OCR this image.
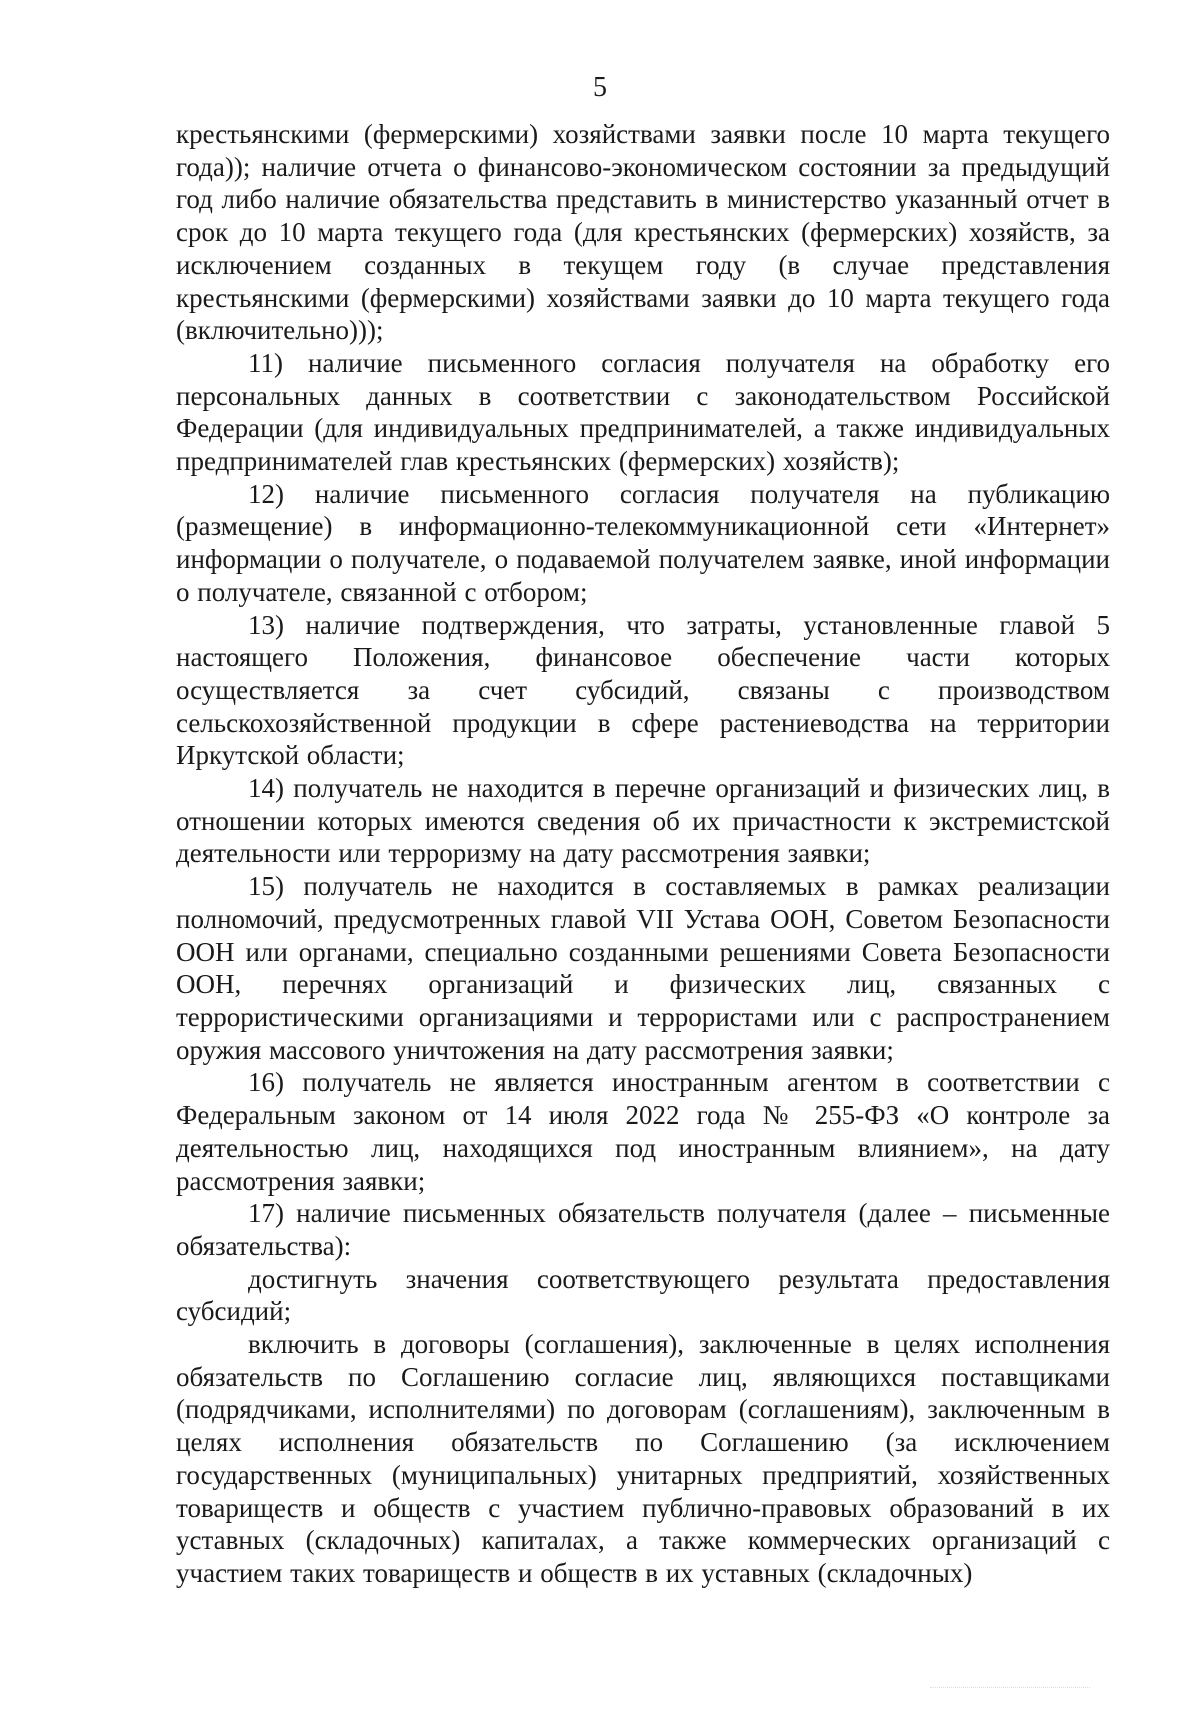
5

крестьянскими (фермерскими) хозяйствами заявки после 10 марта текущего года)); наличие отчета о финансово-экономическом состоянии за предыдущий год либо наличие обязательства представить в министерство указанный отчет в срок до 10 марта текущего года (для крестьянских (фермерских) хозяйств, за исключением созданных в текущем году (в случае представления крестьянскими (фермерскими) хозяйствами заявки до 10 марта текущего года (включительно)));

11) наличие письменного согласия получателя на обработку его персональных данных в соответствии с законодательством Российской Федерации (для индивидуальных предпринимателей, а также индивидуальных предпринимателей глав крестьянских (фермерских) хозяйств);

12) наличие письменного согласия получателя на публикацию (размещение) в информационно-телекоммуникационной сети «Интернет» информации о получателе, о подаваемой получателем заявке, иной информации о получателе, связанной с отбором;

13) наличие подтверждения, что затраты, установленные главой 5 настоящего Положения, финансовое обеспечение части которых осуществляется за счет субсидий, связаны с производством сельскохозяйственной продукции в сфере растениеводства на территории Иркутской области;

14) получатель не находится в перечне организаций и физических лиц, в отношении которых имеются сведения об их причастности к экстремистской деятельности или терроризму на дату рассмотрения заявки;

15) получатель не находится в составляемых в рамках реализации полномочий, предусмотренных главой VII Устава ООН, Советом Безопасности ООН или органами, специально созданными решениями Совета Безопасности ООН, перечнях организаций и физических лиц, связанных с террористическими организациями и террористами или с распространением оружия массового уничтожения на дату рассмотрения заявки;

16) получатель не является иностранным агентом в соответствии с Федеральным законом от 14 июля 2022 года № 255-ФЗ «О контроле за деятельностью лиц, находящихся под иностранным влиянием», на дату рассмотрения заявки;

17) наличие письменных обязательств получателя (далее – письменные обязательства):

достигнуть значения соответствующего результата предоставления субсидий;

включить в договоры (соглашения), заключенные в целях исполнения обязательств по Соглашению согласие лиц, являющихся поставщиками (подрядчиками, исполнителями) по договорам (соглашениям), заключенным в целях исполнения обязательств по Соглашению (за исключением государственных (муниципальных) унитарных предприятий, хозяйственных товариществ и обществ с участием публично-правовых образований в их уставных (складочных) капиталах, а также коммерческих организаций с участием таких товариществ и обществ в их уставных (складочных)
